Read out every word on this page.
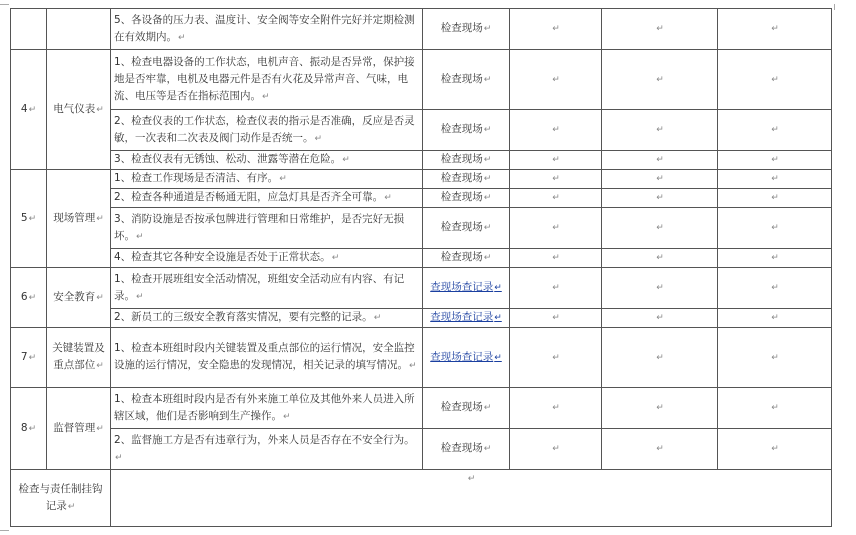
		5、各设备的压力表、温度计、安全阀等安全附件完好并定期检测在有效期内。↵	检查现场↵	↵	↵	↵
4↵	电气仪表↵	1、检查电器设备的工作状态，电机声音、振动是否异常，保护接地是否牢靠，电机及电器元件是否有火花及异常声音、气味，电流、电压等是否在指标范围内。↵	检查现场↵	↵	↵	↵
		2、检查仪表的工作状态，检查仪表的指示是否准确，反应是否灵敏，一次表和二次表及阀门动作是否统一。↵	检查现场↵	↵	↵	↵
		3、检查仪表有无锈蚀、松动、泄露等潜在危险。↵	检查现场↵	↵	↵	↵
5↵	现场管理↵	1、检查工作现场是否清洁、有序。↵	检查现场↵	↵	↵	↵
		2、检查各种通道是否畅通无阻，应急灯具是否齐全可靠。↵	检查现场↵	↵	↵	↵
		3、消防设施是否按承包牌进行管理和日常维护，是否完好无损坏。↵	检查现场↵	↵	↵	↵
		4、检查其它各种安全设施是否处于正常状态。↵	检查现场↵	↵	↵	↵
6↵	安全教育↵	1、检查开展班组安全活动情况，班组安全活动应有内容、有记录。↵	查现场查记录↵	↵	↵	↵
		2、新员工的三级安全教育落实情况，要有完整的记录。↵	查现场查记录↵	↵	↵	↵
7↵	关键装置及重点部位↵	1、检查本班组时段内关键装置及重点部位的运行情况，安全监控设施的运行情况，安全隐患的发现情况，相关记录的填写情况。↵	查现场查记录↵	↵	↵	↵
8↵	监督管理↵	1、检查本班组时段内是否有外来施工单位及其他外来人员进入所辖区域，他们是否影响到生产操作。↵	检查现场↵	↵	↵	↵
		2、监督施工方是否有违章行为，外来人员是否存在不安全行为。↵	检查现场↵	↵	↵	↵
检查与责任制挂钩记录↵		↵				
